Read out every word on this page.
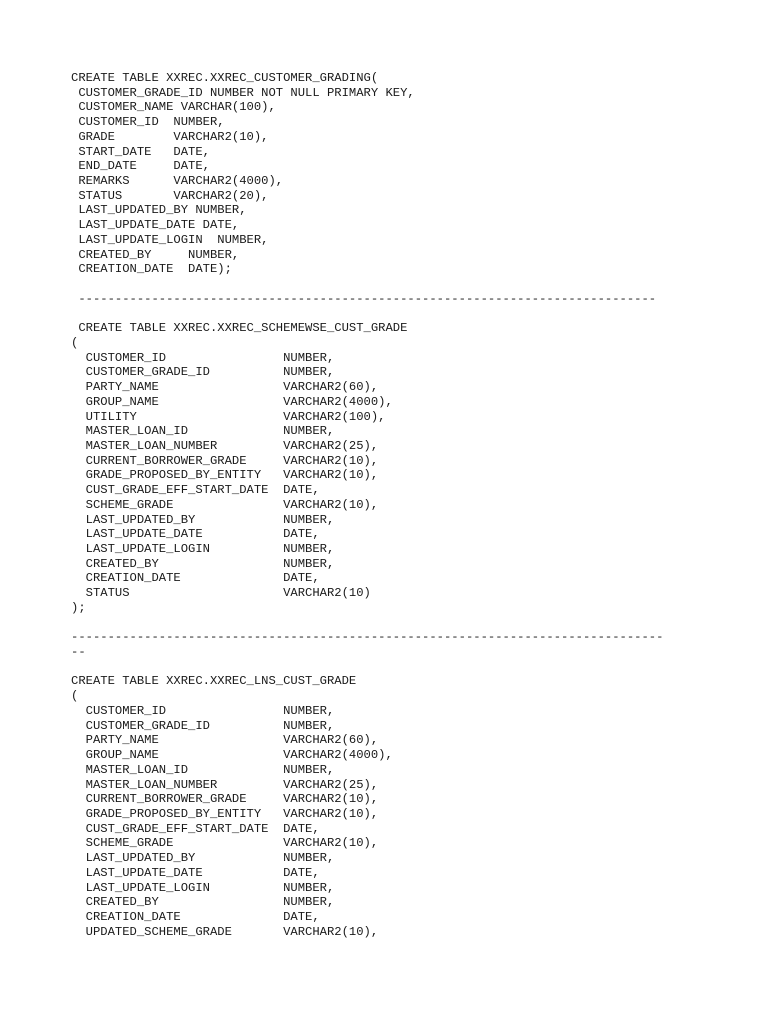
CREATE TABLE XXREC.XXREC_CUSTOMER_GRADING(
CUSTOMER_GRADE_ID NUMBER NOT NULL PRIMARY KEY,
CUSTOMER_NAME VARCHAR(100),
CUSTOMER_ID  NUMBER,
GRADE        VARCHAR2(10),
START_DATE   DATE,
END_DATE     DATE,
REMARKS      VARCHAR2(4000),
STATUS       VARCHAR2(20),
LAST_UPDATED_BY NUMBER,
LAST_UPDATE_DATE DATE,
LAST_UPDATE_LOGIN  NUMBER,
CREATED_BY     NUMBER,
CREATION_DATE  DATE);
-------------------------------------------------------------------------------
CREATE TABLE XXREC.XXREC_SCHEMEWSE_CUST_GRADE
(
CUSTOMER_ID                NUMBER,
CUSTOMER_GRADE_ID          NUMBER,
PARTY_NAME                 VARCHAR2(60),
GROUP_NAME                 VARCHAR2(4000),
UTILITY                    VARCHAR2(100),
MASTER_LOAN_ID             NUMBER,
MASTER_LOAN_NUMBER         VARCHAR2(25),
CURRENT_BORROWER_GRADE     VARCHAR2(10),
GRADE_PROPOSED_BY_ENTITY   VARCHAR2(10),
CUST_GRADE_EFF_START_DATE  DATE,
SCHEME_GRADE               VARCHAR2(10),
LAST_UPDATED_BY            NUMBER,
LAST_UPDATE_DATE           DATE,
LAST_UPDATE_LOGIN          NUMBER,
CREATED_BY                 NUMBER,
CREATION_DATE              DATE,
STATUS                     VARCHAR2(10)
);
---------------------------------------------------------------------------------
--
CREATE TABLE XXREC.XXREC_LNS_CUST_GRADE
(
CUSTOMER_ID                NUMBER,
CUSTOMER_GRADE_ID          NUMBER,
PARTY_NAME                 VARCHAR2(60),
GROUP_NAME                 VARCHAR2(4000),
MASTER_LOAN_ID             NUMBER,
MASTER_LOAN_NUMBER         VARCHAR2(25),
CURRENT_BORROWER_GRADE     VARCHAR2(10),
GRADE_PROPOSED_BY_ENTITY   VARCHAR2(10),
CUST_GRADE_EFF_START_DATE  DATE,
SCHEME_GRADE               VARCHAR2(10),
LAST_UPDATED_BY            NUMBER,
LAST_UPDATE_DATE           DATE,
LAST_UPDATE_LOGIN          NUMBER,
CREATED_BY                 NUMBER,
CREATION_DATE              DATE,
UPDATED_SCHEME_GRADE       VARCHAR2(10),
